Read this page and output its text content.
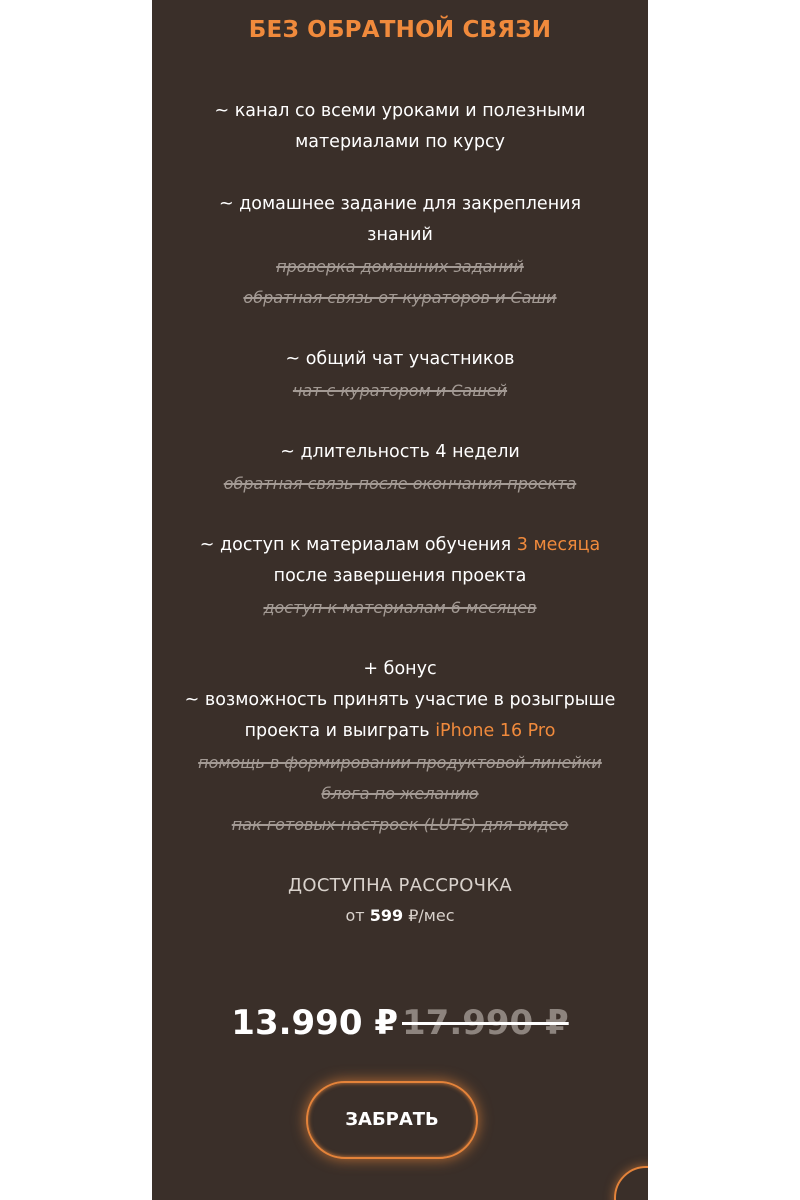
БЕЗ ОБРАТНОЙ СВЯЗИ
~ канал со всеми уроками и полезными
материалами по курсу
~ домашнее задание для закрепления
знаний
проверка домашних заданий
обратная связь от кураторов и Саши
~ общий чат участников
чат с куратором и Сашей
~ длительность 4 недели
обратная связь после окончания проекта
~ доступ к материалам обучения 3 месяца
после завершения проекта
доступ к материалам 6 месяцев
+ бонус
~ возможность принять участие в розыгрыше
проекта и выиграть iPhone 16 Pro
помощь в формировании продуктовой линейки
блога по желанию
пак готовых настроек (LUTS) для видео
ДОСТУПНА РАССРОЧКА
от 599 ₽/мес
13.990 ₽ 17.990 ₽
ЗАБРАТЬ
